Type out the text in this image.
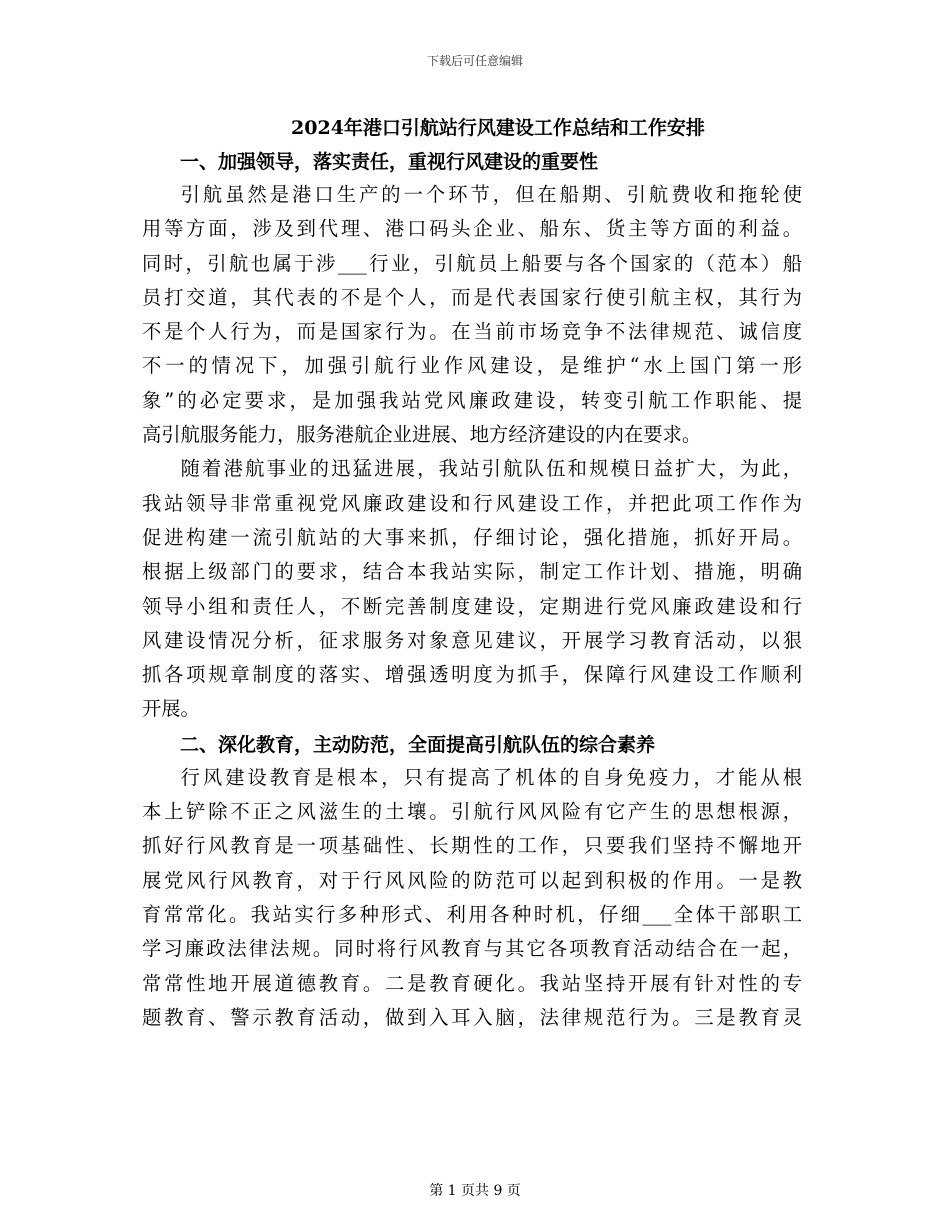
下载后可任意编辑
2024年港口引航站行风建设工作总结和工作安排
一、加强领导，落实责任，重视行风建设的重要性
引航虽然是港口生产的一个环节，但在船期、引航费收和拖轮使
用等方面，涉及到代理、港口码头企业、船东、货主等方面的利益。
同时，引航也属于涉___行业，引航员上船要与各个国家的（范本）船
员打交道，其代表的不是个人，而是代表国家行使引航主权，其行为
不是个人行为，而是国家行为。在当前市场竞争不法律规范、诚信度
不一的情况下，加强引航行业作风建设，是维护“水上国门第一形
象”的必定要求，是加强我站党风廉政建设，转变引航工作职能、提
高引航服务能力，服务港航企业进展、地方经济建设的内在要求。
随着港航事业的迅猛进展，我站引航队伍和规模日益扩大，为此，
我站领导非常重视党风廉政建设和行风建设工作，并把此项工作作为
促进构建一流引航站的大事来抓，仔细讨论，强化措施，抓好开局。
根据上级部门的要求，结合本我站实际，制定工作计划、措施，明确
领导小组和责任人，不断完善制度建设，定期进行党风廉政建设和行
风建设情况分析，征求服务对象意见建议，开展学习教育活动，以狠
抓各项规章制度的落实、增强透明度为抓手，保障行风建设工作顺利
开展。
二、深化教育，主动防范，全面提高引航队伍的综合素养
行风建设教育是根本，只有提高了机体的自身免疫力，才能从根
本上铲除不正之风滋生的土壤。引航行风风险有它产生的思想根源，
抓好行风教育是一项基础性、长期性的工作，只要我们坚持不懈地开
展党风行风教育，对于行风风险的防范可以起到积极的作用。一是教
育常常化。我站实行多种形式、利用各种时机，仔细___全体干部职工
学习廉政法律法规。同时将行风教育与其它各项教育活动结合在一起，
常常性地开展道德教育。二是教育硬化。我站坚持开展有针对性的专
题教育、警示教育活动，做到入耳入脑，法律规范行为。三是教育灵
第 1 页共 9 页
